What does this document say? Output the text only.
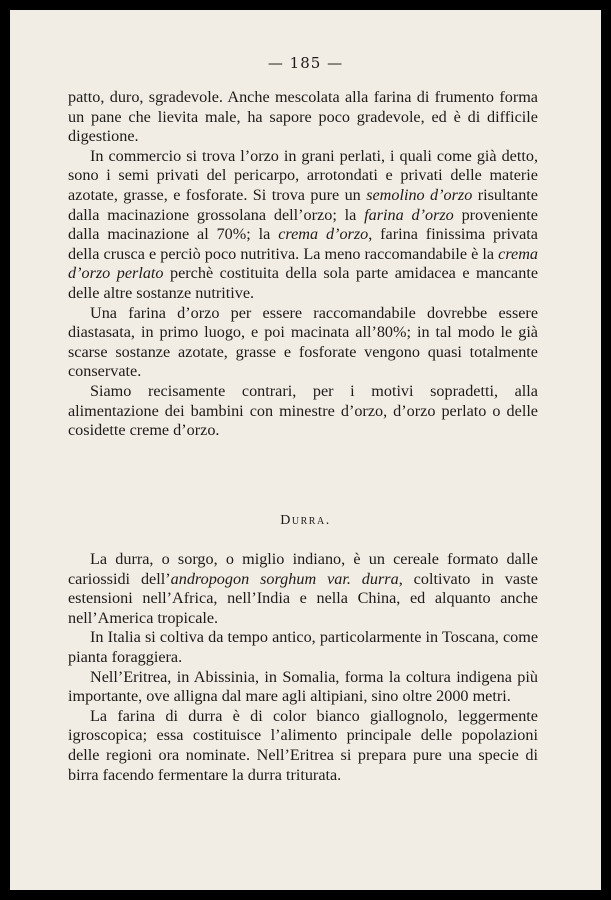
— 185 —

patto, duro, sgradevole. Anche mescolata alla farina di frumento forma un pane che lievita male, ha sapore poco gradevole, ed è di difficile digestione.

In commercio si trova l’orzo in grani perlati, i quali come già detto, sono i semi privati del pericarpo, arrotondati e privati delle materie azotate, grasse, e fosforate. Si trova pure un semolino d’orzo risultante dalla macinazione grossolana dell’orzo; la farina d’orzo proveniente dalla macinazione al 70%; la crema d’orzo, farina finissima privata della crusca e perciò poco nutritiva. La meno raccomandabile è la crema d’orzo perlato perchè costituita della sola parte amidacea e mancante delle altre sostanze nutritive.

Una farina d’orzo per essere raccomandabile dovrebbe essere diastasata, in primo luogo, e poi macinata all’80%; in tal modo le già scarse sostanze azotate, grasse e fosforate vengono quasi totalmente conservate.

Siamo recisamente contrari, per i motivi sopradetti, alla alimentazione dei bambini con minestre d’orzo, d’orzo perlato o delle cosidette creme d’orzo.

Durra.

La durra, o sorgo, o miglio indiano, è un cereale formato dalle cariossidi dell’andropogon sorghum var. durra, coltivato in vaste estensioni nell’Africa, nell’India e nella China, ed alquanto anche nell’America tropicale.

In Italia si coltiva da tempo antico, particolarmente in Toscana, come pianta foraggiera.

Nell’Eritrea, in Abissinia, in Somalia, forma la coltura indigena più importante, ove alligna dal mare agli altipiani, sino oltre 2000 metri.

La farina di durra è di color bianco giallognolo, leggermente igroscopica; essa costituisce l’alimento principale delle popolazioni delle regioni ora nominate. Nell’Eritrea si prepara pure una specie di birra facendo fermentare la durra triturata.
